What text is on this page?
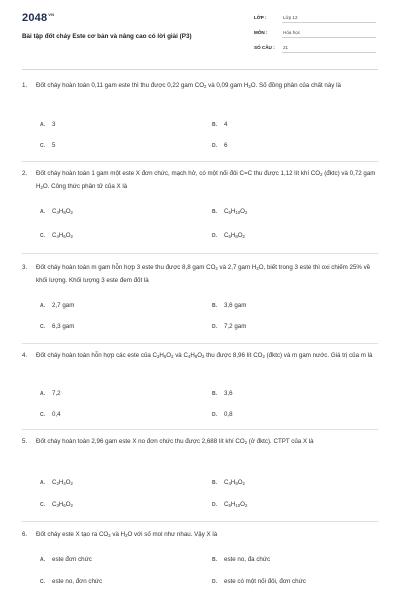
$2048^{VN}$
Bài tập đốt cháy Este cơ bản và nâng cao có lời giải (P3)
LỚP :	Lớp 12
MÔN :	Hóa học
SỐ CÂU : 21
1. Đốt cháy hoàn toàn 0,11 gam este thì thu được 0,22 gam $CO_2$ và 0,09 gam $H_2O$. Số đồng phân của chất này là
A. 3	B. 4
C. 5	D. 6
2. Đốt cháy hoàn toàn 1 gam một este X đơn chức, mạch hở, có một nối đôi C=C thu được 1,12 lít khí $CO_2$ (đktc) và 0,72 gam $H_2O$. Công thức phân tử của X là
A. $C_4H_8O_2$	B. $C_5H_{10}O_2$
C. $C_4H_6O_2$	D. $C_5H_8O_2$
3. Đốt cháy hoàn toàn m gam hỗn hợp 3 este thu được 8,8 gam $CO_2$ và 2,7 gam $H_2O$, biết trong 3 este thì oxi chiếm 25% về khối lượng. Khối lượng 3 este đem đốt là
A. 2,7 gam	B. 3,6 gam
C. 6,3 gam	D. 7,2 gam
4. Đốt cháy hoàn toàn hỗn hợp các este của $C_3H_6O_2$ và $C_4H_8O_2$ thu được 8,96 lít $CO_2$ (đktc) và m gam nước. Giá trị của m là
A. 7,2	B. 3,6
C. 0,4	D. 0,8
5. Đốt cháy hoàn toàn 2,96 gam este X no đơn chức thu được 2,688 lít khí $CO_2$ (ở đktc). CTPT của X là
A. $C_2H_4O_2$	B. $C_4H_8O_2$
C. $C_3H_6O_2$	D. $C_5H_{10}O_2$
6. Đốt cháy este X tạo ra $CO_2$ và $H_2O$ với số mol như nhau. Vậy X là
A. este đơn chức	B. este no, đa chức
C. este no, đơn chức	D. este có một nối đôi, đơn chức
